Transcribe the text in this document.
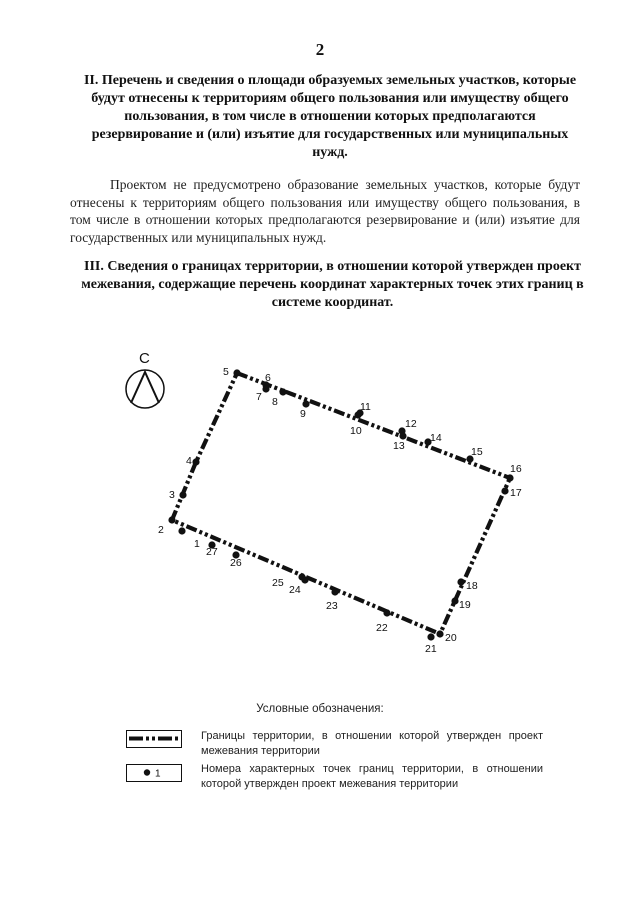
2
II. Перечень и сведения о площади образуемых земельных участков, которые будут отнесены к территориям общего пользования или имуществу общего пользования, в том числе в отношении которых предполагаются резервирование и (или) изъятие для государственных или муниципальных нужд.
Проектом не предусмотрено образование земельных участков, которые будут отнесены к территориям общего пользования или имуществу общего пользования, в том числе в отношении которых предполагаются резервирование и (или) изъятие для государственных или муниципальных нужд.
III. Сведения о границах территории, в отношении которой утвержден проект межевания, содержащие перечень координат характерных точек этих границ в системе координат.
С
1
2
3
4
5	6
7 8
9
10
11
12
13
14
15
16
17
18
19
20
21
22
23
24
25
26
27
Условные обозначения:
Границы территории, в отношении которой утвержден проект межевания территории
1	Номера характерных точек границ территории, в отношении которой утвержден проект межевания территории
